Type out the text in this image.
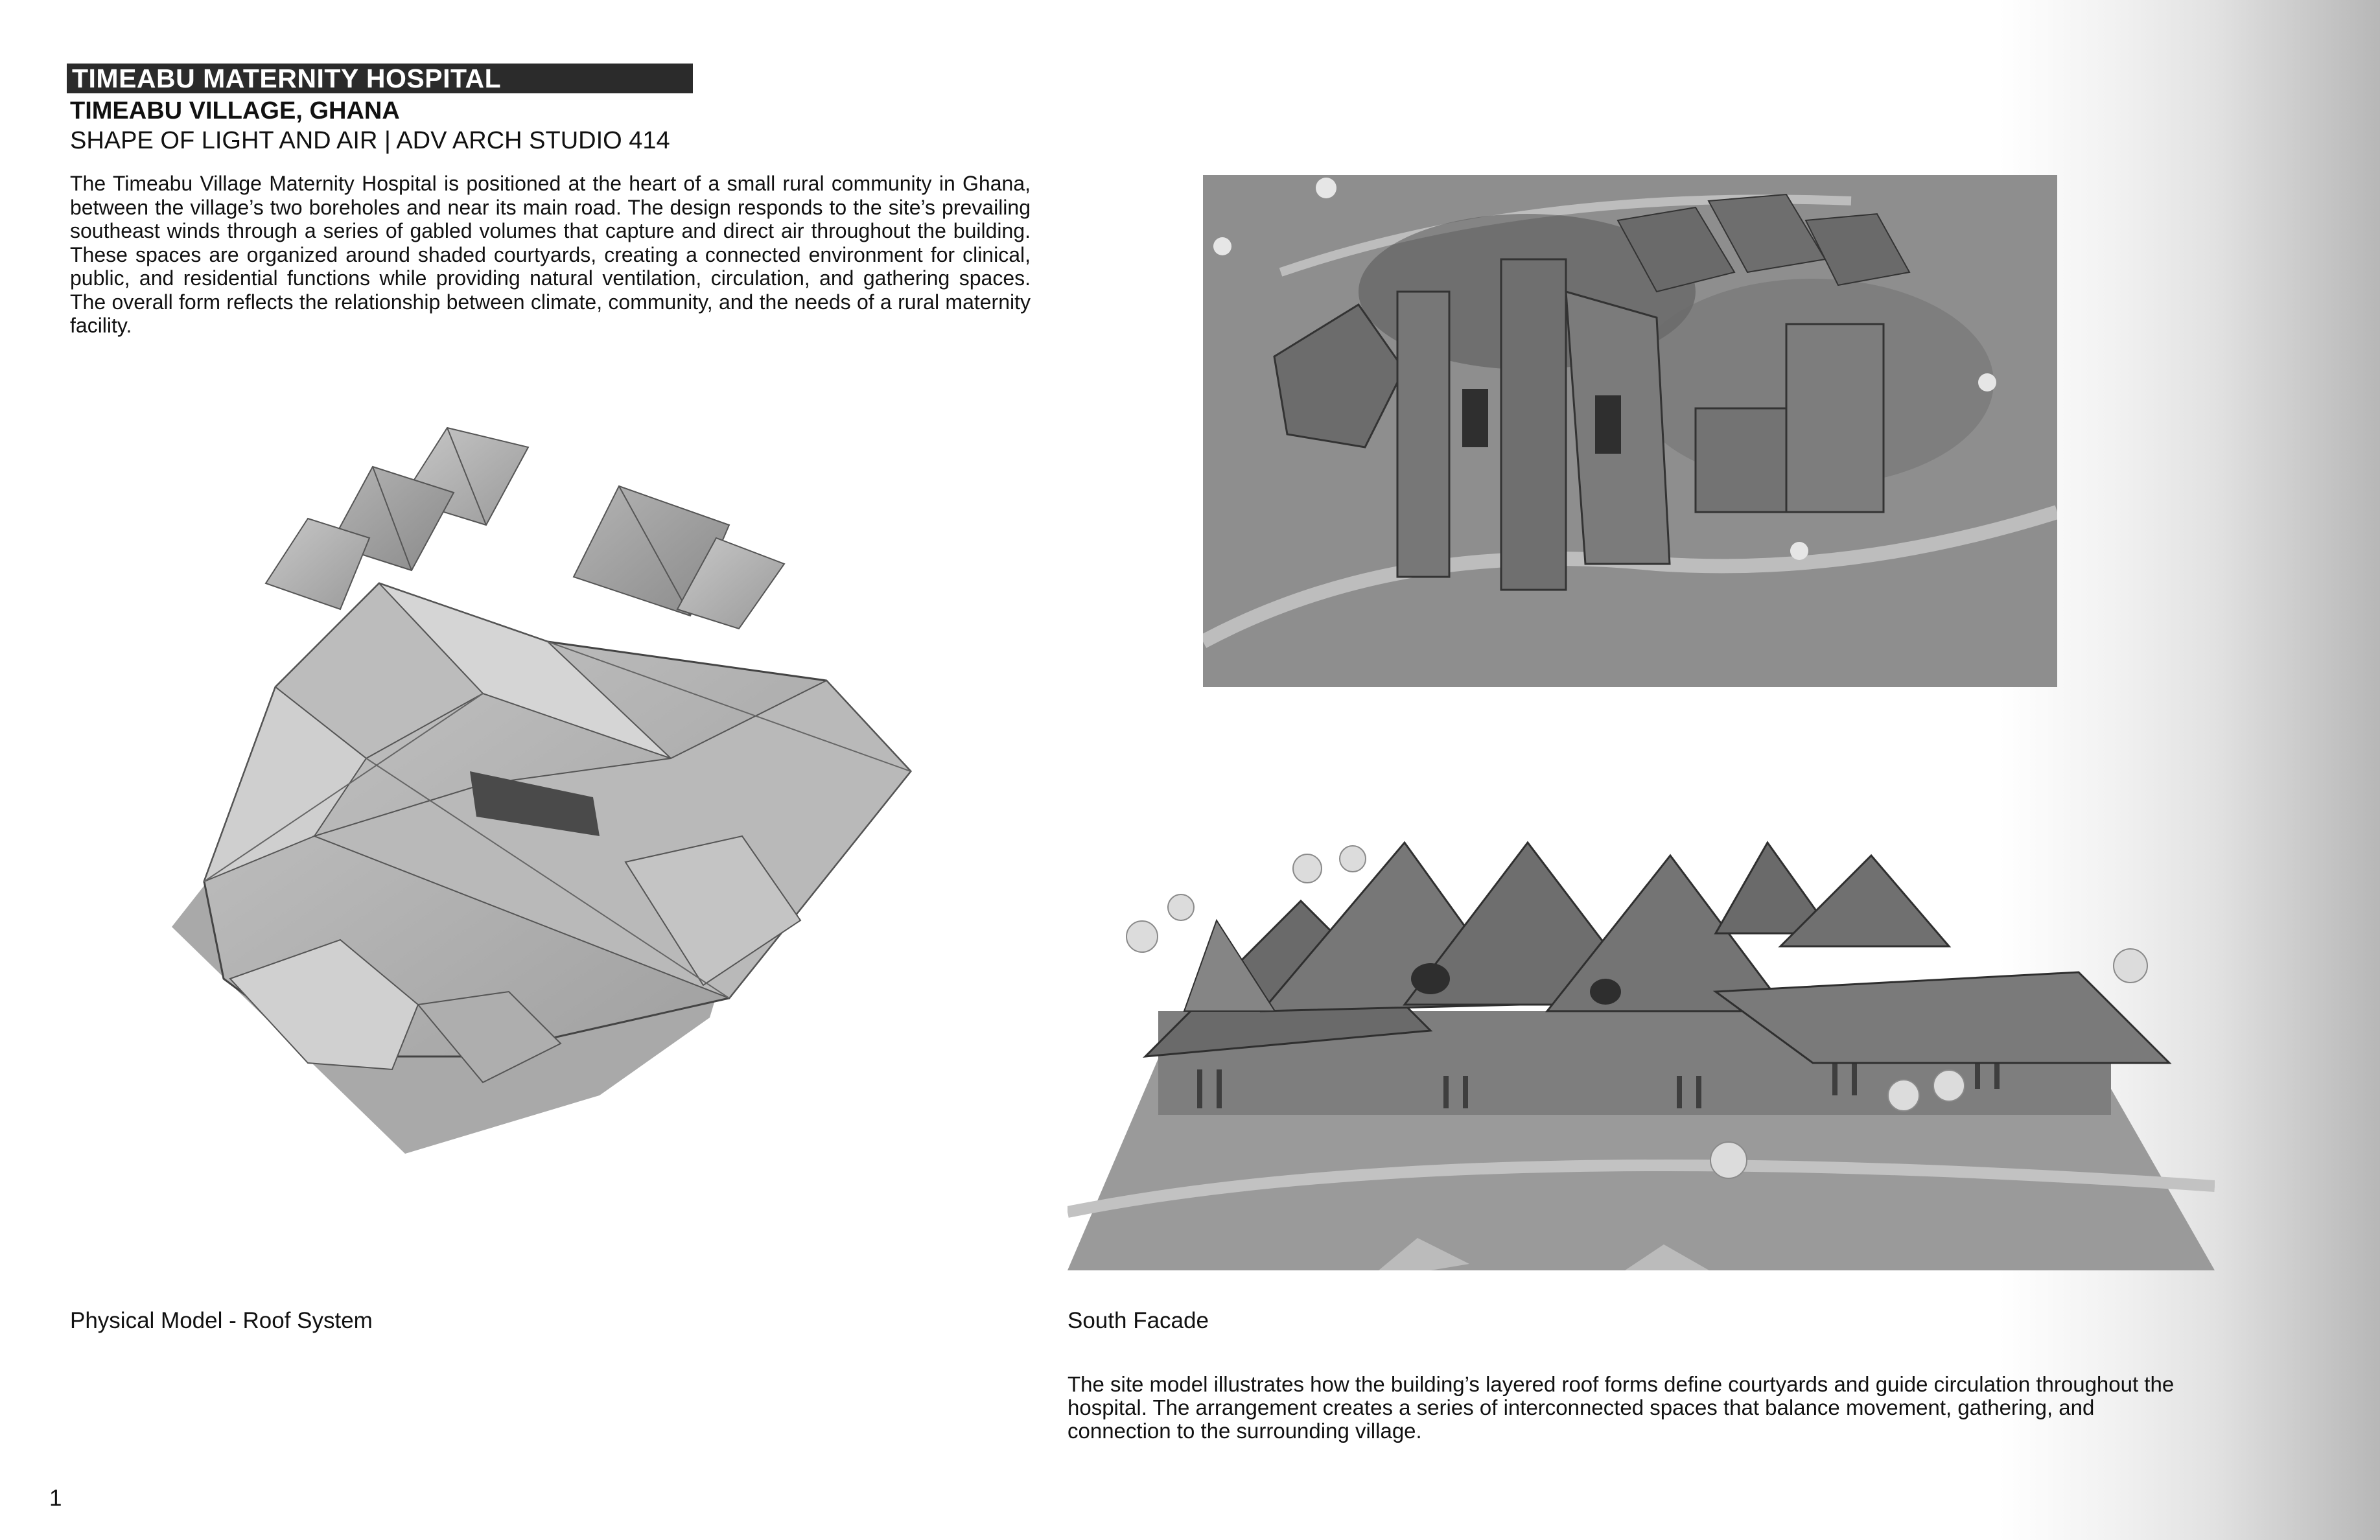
TIMEABU MATERNITY HOSPITAL
TIMEABU VILLAGE, GHANA
SHAPE OF LIGHT AND AIR | ADV ARCH STUDIO 414

The Timeabu Village Maternity Hospital is positioned at the heart of a small rural community in Ghana, between the village’s two boreholes and near its main road. The design responds to the site’s prevailing southeast winds through a series of gabled volumes that capture and direct air throughout the building. These spaces are organized around shaded courtyards, creating a connected environment for clinical, public, and residential functions while providing natural ventilation, circulation, and gathering spaces. The overall form reflects the relationship between climate, community, and the needs of a rural maternity facility.

Physical Model - Roof System	South Facade

The site model illustrates how the building’s layered roof forms define courtyards and guide circulation throughout the hospital. The arrangement creates a series of interconnected spaces that balance movement, gathering, and connection to the surrounding village.

1
